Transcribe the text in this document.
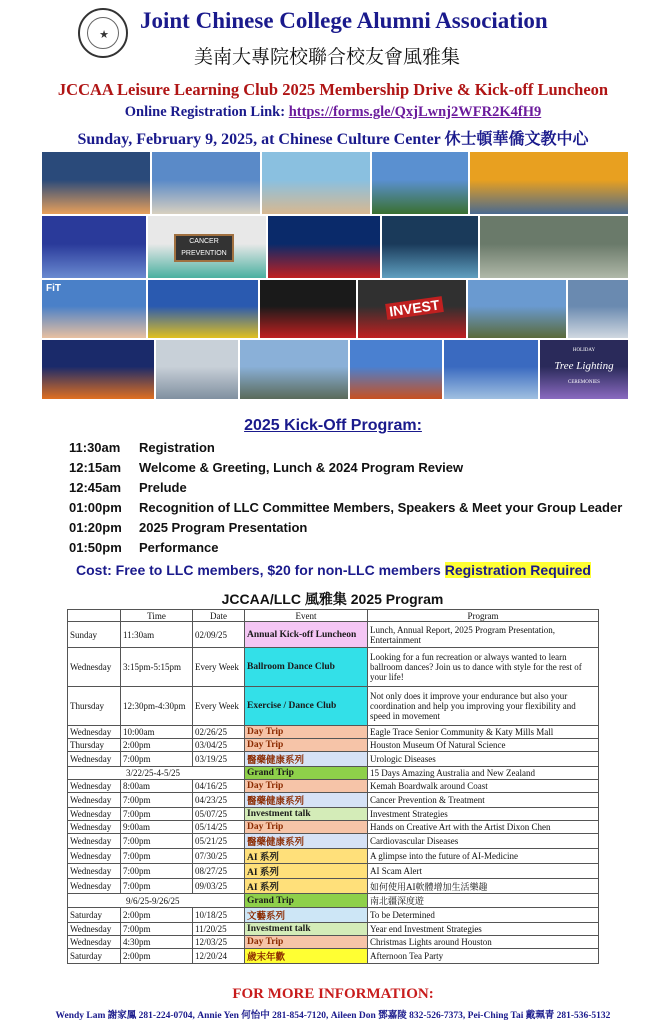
★
Joint Chinese College Alumni Association
美南大專院校聯合校友會風雅集
JCCAA Leisure Learning Club 2025 Membership Drive & Kick-off Luncheon
Online Registration Link: https://forms.gle/QxjLwnj2WFR2K4fH9
Sunday, February 9, 2025, at Chinese Culture Center 休士頓華僑文教中心
CANCER PREVENTION
FiT
INVEST
HOLIDAY
Tree Lighting
CEREMONIES
2025 Kick-Off Program:
11:30am Registration
12:15am Welcome & Greeting, Lunch & 2024 Program Review
12:45am Prelude
01:00pm Recognition of LLC Committee Members, Speakers & Meet your Group Leader
01:20pm 2025 Program Presentation
01:50pm Performance
Cost: Free to LLC members, $20 for non-LLC members Registration Required
JCCAA/LLC 風雅集 2025 Program
	Time	Date	Event	Program
Sunday	11:30am	02/09/25	Annual Kick-off Luncheon	Lunch, Annual Report, 2025 Program Presentation, Entertainment
Wednesday	3:15pm-5:15pm	Every Week	Ballroom Dance Club	Looking for a fun recreation or always wanted to learn ballroom dances? Join us to dance with style for the rest of your life!
Thursday	12:30pm-4:30pm	Every Week	Exercise / Dance Club	Not only does it improve your endurance but also your coordination and help you improving your flexibility and speed in movement
Wednesday	10:00am	02/26/25	Day Trip	Eagle Trace Senior Community & Katy Mills Mall
Thursday	2:00pm	03/04/25	Day Trip	Houston Museum Of Natural Science
Wednesday	7:00pm	03/19/25	醫藥健康系列	Urologic Diseases
3/22/25-4-5/25			Grand Trip	15 Days Amazing Australia and New Zealand
Wednesday	8:00am	04/16/25	Day Trip	Kemah Boardwalk around Coast
Wednesday	7:00pm	04/23/25	醫藥健康系列	Cancer Prevention & Treatment
Wednesday	7:00pm	05/07/25	Investment talk	Investment Strategies
Wednesday	9:00am	05/14/25	Day Trip	Hands on Creative Art with the Artist Dixon Chen
Wednesday	7:00pm	05/21/25	醫藥健康系列	Cardiovascular Diseases
Wednesday	7:00pm	07/30/25	AI 系列	A glimpse into the future of AI-Medicine
Wednesday	7:00pm	08/27/25	AI 系列	AI Scam Alert
Wednesday	7:00pm	09/03/25	AI 系列	如何使用AI軟體增加生活樂趣
9/6/25-9/26/25			Grand Trip	南北疆深度遊
Saturday	2:00pm	10/18/25	文藝系列	To be Determined
Wednesday	7:00pm	11/20/25	Investment talk	Year end Investment Strategies
Wednesday	4:30pm	12/03/25	Day Trip	Christmas Lights around Houston
Saturday	2:00pm	12/20/24	歲末年歡	Afternoon Tea Party
FOR MORE INFORMATION:
Wendy Lam 謝家鳳 281-224-0704, Annie Yen 何怡中 281-854-7120, Aileen Don 鄧嘉陵 832-526-7373, Pei-Ching Tai 戴珮青 281-536-5132
